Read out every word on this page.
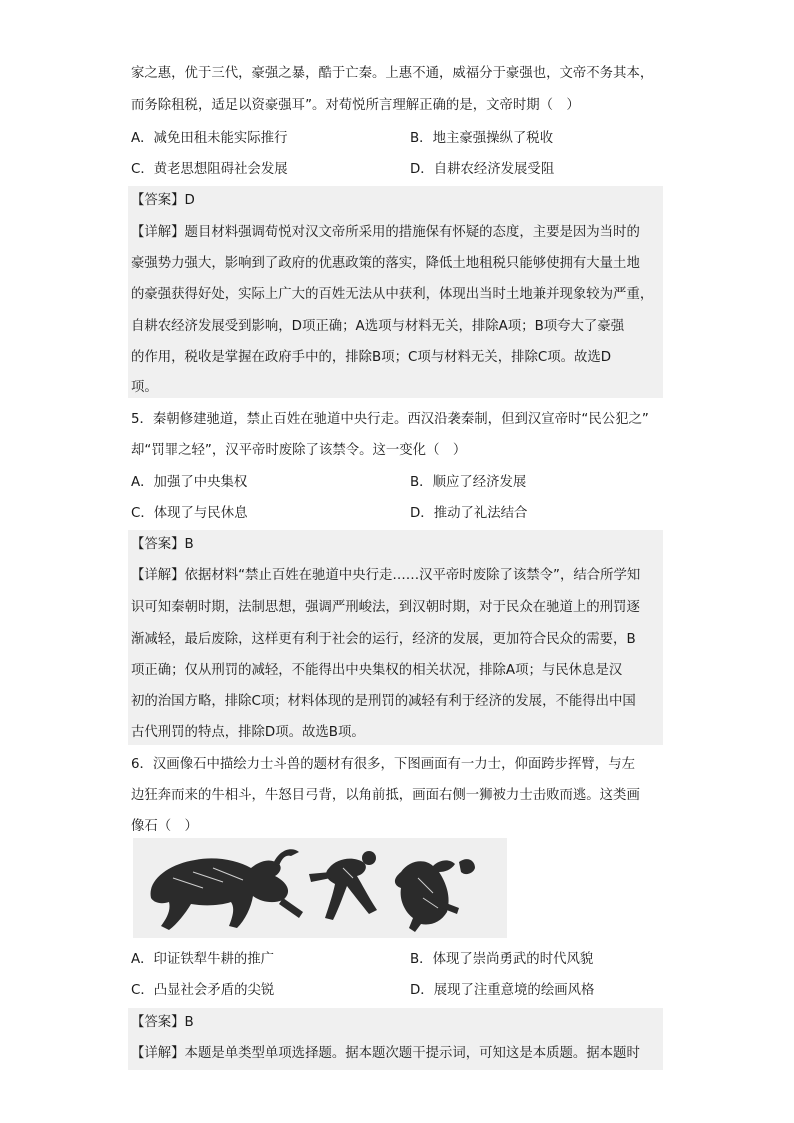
家之惠，优于三代，豪强之暴，酷于亡秦。上惠不通，威福分于豪强也，文帝不务其本，
而务除租税，适足以资豪强耳”。对荀悦所言理解正确的是，文帝时期（　）
A．减免田租未能实际推行	B．地主豪强操纵了税收
C．黄老思想阻碍社会发展	D．自耕农经济发展受阻
【答案】D
【详解】题目材料强调荀悦对汉文帝所采用的措施保有怀疑的态度，主要是因为当时的
豪强势力强大，影响到了政府的优惠政策的落实，降低土地租税只能够使拥有大量土地
的豪强获得好处，实际上广大的百姓无法从中获利，体现出当时土地兼并现象较为严重，
自耕农经济发展受到影响，D项正确；A选项与材料无关，排除A项；B项夸大了豪强
的作用，税收是掌握在政府手中的，排除B项；C项与材料无关，排除C项。故选D
项。
5．秦朝修建驰道，禁止百姓在驰道中央行走。西汉沿袭秦制，但到汉宣帝时“民公犯之”
却“罚罪之轻”，汉平帝时废除了该禁令。这一变化（　）
A．加强了中央集权	B．顺应了经济发展
C．体现了与民休息	D．推动了礼法结合
【答案】B
【详解】依据材料“禁止百姓在驰道中央行走……汉平帝时废除了该禁令”，结合所学知
识可知秦朝时期，法制思想，强调严刑峻法，到汉朝时期，对于民众在驰道上的刑罚逐
渐减轻，最后废除，这样更有利于社会的运行，经济的发展，更加符合民众的需要，B
项正确；仅从刑罚的减轻，不能得出中央集权的相关状况，排除A项；与民休息是汉
初的治国方略，排除C项；材料体现的是刑罚的减轻有利于经济的发展，不能得出中国
古代刑罚的特点，排除D项。故选B项。
6．汉画像石中描绘力士斗兽的题材有很多，下图画面有一力士，仰面跨步挥臂，与左
边狂奔而来的牛相斗，牛怒目弓背，以角前抵，画面右侧一狮被力士击败而逃。这类画
像石（　）
A．印证铁犁牛耕的推广	B．体现了崇尚勇武的时代风貌
C．凸显社会矛盾的尖锐	D．展现了注重意境的绘画风格
【答案】B
【详解】本题是单类型单项选择题。据本题次题干提示词，可知这是本质题。据本题时
